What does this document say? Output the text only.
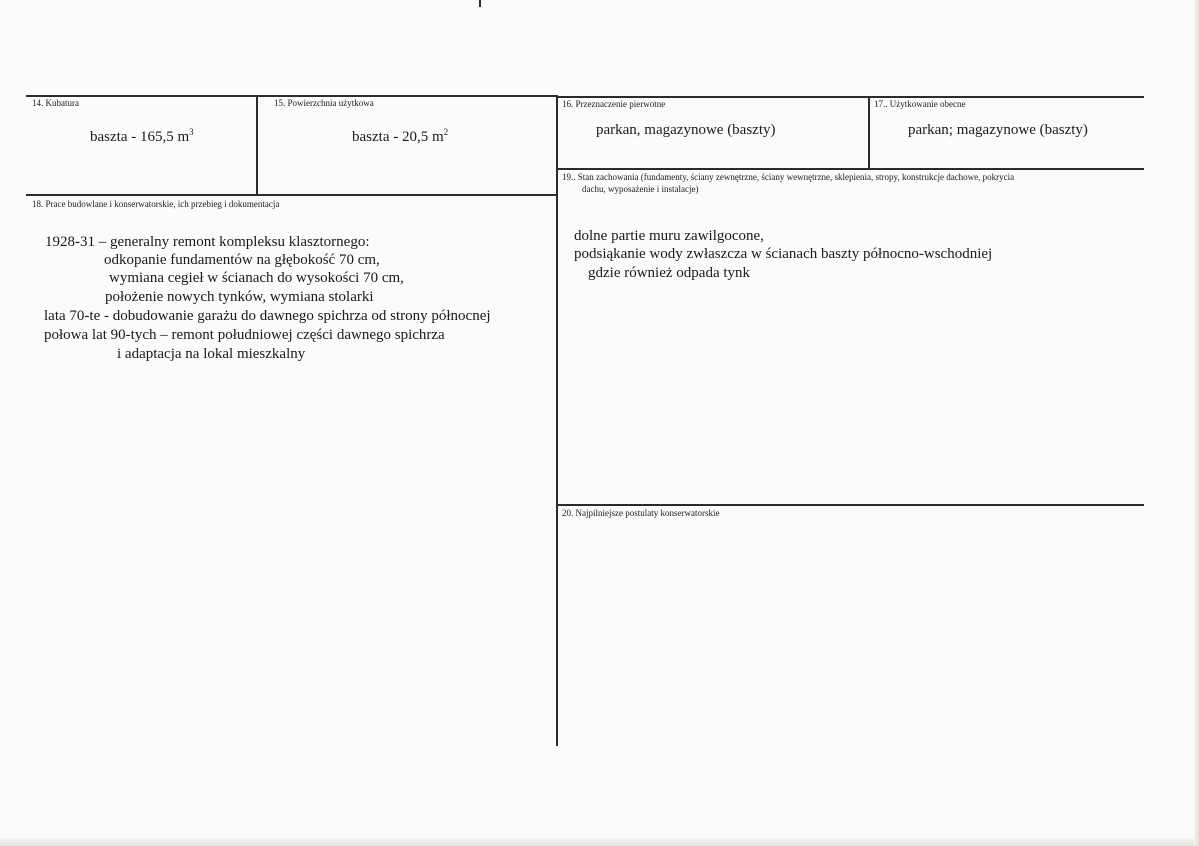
14. Kubatura
baszta - 165,5 $m^3$
15. Powierzchnia użytkowa
baszta - 20,5 $m^2$
16. Przeznaczenie pierwotne
parkan, magazynowe (baszty)
17.. Użytkowanie obecne
parkan; magazynowe (baszty)
18. Prace budowlane i konserwatorskie, ich przebieg i dokumentacja
1928-31 – generalny remont kompleksu klasztornego:
odkopanie fundamentów na głębokość 70 cm,
wymiana cegieł w ścianach do wysokości 70 cm,
położenie nowych tynków, wymiana stolarki
lata 70-te - dobudowanie garażu do dawnego spichrza od strony północnej
połowa lat 90-tych – remont południowej części dawnego spichrza
i adaptacja na lokal mieszkalny
19.. Stan zachowania (fundamenty, ściany zewnętrzne, ściany wewnętrzne, sklepienia, stropy, konstrukcje dachowe, pokrycia
dachu, wyposażenie i instalacje)
dolne partie muru zawilgocone,
podsiąkanie wody zwłaszcza w ścianach baszty północno-wschodniej
gdzie również odpada tynk
20. Najpilniejsze postulaty konserwatorskie
